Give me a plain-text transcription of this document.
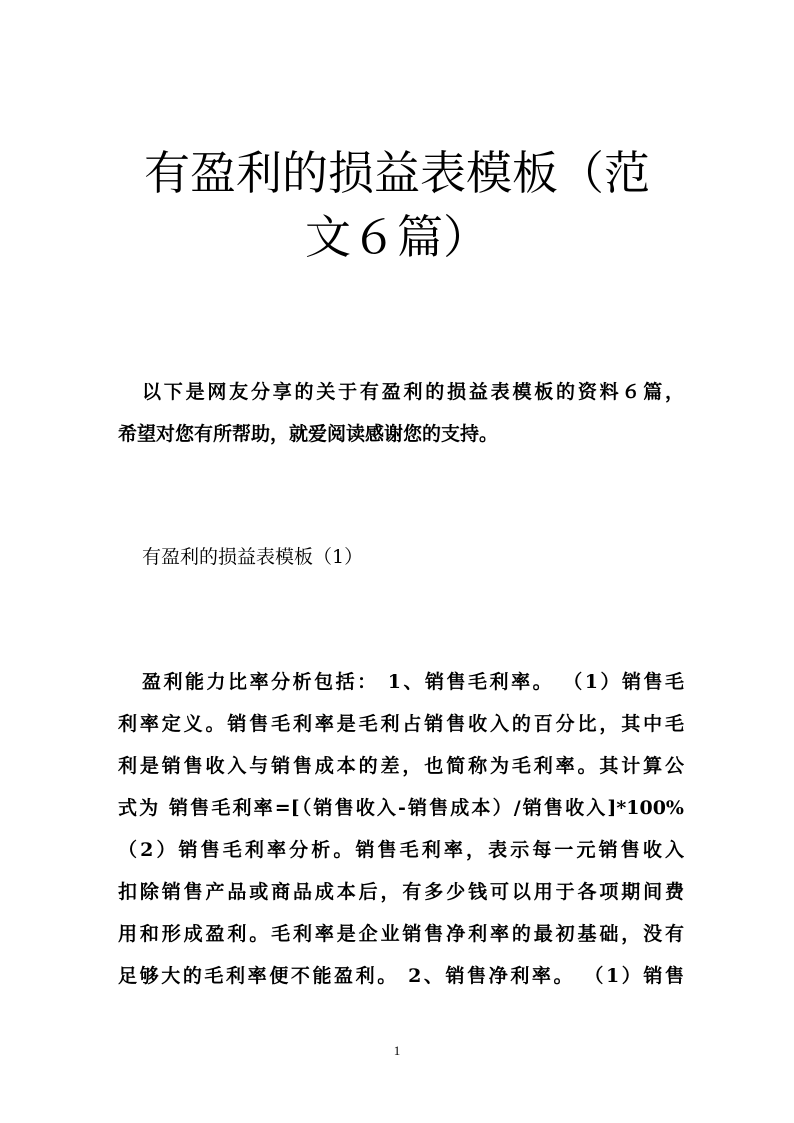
有盈利的损益表模板（范
文６篇）
以下是网友分享的关于有盈利的损益表模板的资料６篇，
希望对您有所帮助，就爱阅读感谢您的支持。
有盈利的损益表模板（1）
盈利能力比率分析包括： 1、销售毛利率。 （1）销售毛
利率定义。销售毛利率是毛利占销售收入的百分比，其中毛
利是销售收入与销售成本的差，也简称为毛利率。其计算公
式为 销售毛利率=[（销售收入-销售成本）/销售收入]*100%
（2）销售毛利率分析。销售毛利率，表示每一元销售收入
扣除销售产品或商品成本后，有多少钱可以用于各项期间费
用和形成盈利。毛利率是企业销售净利率的最初基础，没有
足够大的毛利率便不能盈利。 2、销售净利率。 （1）销售
1
